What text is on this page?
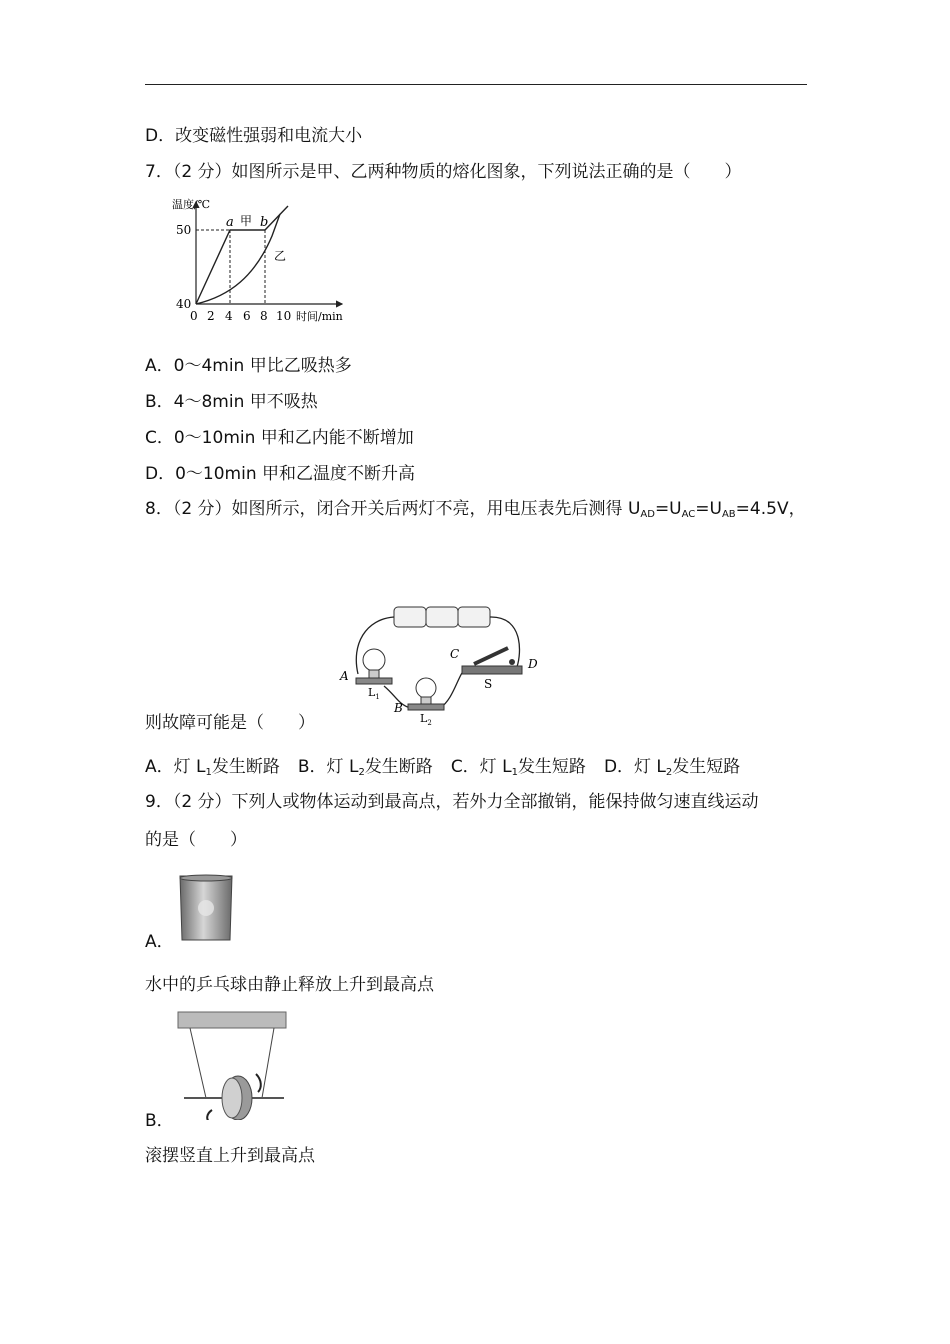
D．改变磁性强弱和电流大小
7．（2 分）如图所示是甲、乙两种物质的熔化图象，下列说法正确的是（　　）
温度/℃
50
40
0 2 4 6 8 10 时间/min
a 甲 b
乙
A．0～4min 甲比乙吸热多
B．4～8min 甲不吸热
C．0～10min 甲和乙内能不断增加
D．0～10min 甲和乙温度不断升高
8．（2 分）如图所示，闭合开关后两灯不亮，用电压表先后测得 $U_{AD}=U_{AC}=U_{AB}=4.5V$，
A
B
C
D
S
$L_1$
$L_2$
则故障可能是（　　）
A．灯 $L_1$发生断路 B．灯 $L_2$发生断路 C．灯 $L_1$发生短路 D．灯 $L_2$发生短路
9．（2 分）下列人或物体运动到最高点，若外力全部撤销，能保持做匀速直线运动
的是（　　）
A．
水中的乒乓球由静止释放上升到最高点
B．
滚摆竖直上升到最高点
